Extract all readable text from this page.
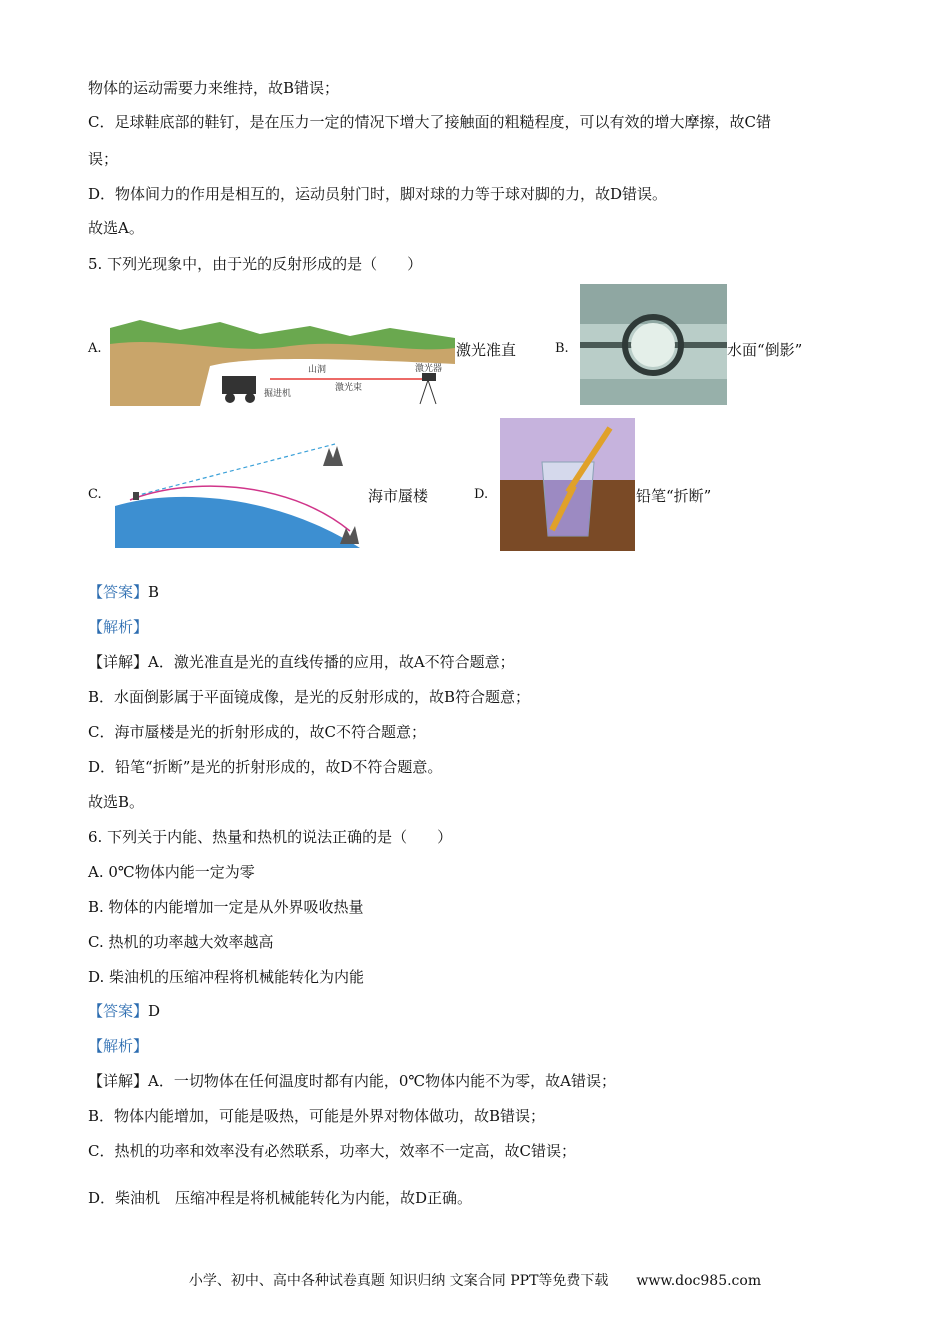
物体的运动需要力来维持，故B错误；
C．足球鞋底部的鞋钉，是在压力一定的情况下增大了接触面的粗糙程度，可以有效的增大摩擦，故C错
误；
D．物体间力的作用是相互的，运动员射门时，脚对球的力等于球对脚的力，故D错误。
故选A。
5. 下列光现象中，由于光的反射形成的是（　　）
A.
山洞
激光束
激光器
掘进机
激光准直	B.	水面“倒影”
C.	海市蜃楼	D.	铅笔“折断”
【答案】B
【解析】
【详解】A．激光准直是光的直线传播的应用，故A不符合题意；
B．水面倒影属于平面镜成像，是光的反射形成的，故B符合题意；
C．海市蜃楼是光的折射形成的，故C不符合题意；
D．铅笔“折断”是光的折射形成的，故D不符合题意。
故选B。
6. 下列关于内能、热量和热机的说法正确的是（　　）
A. 0℃物体内能一定为零
B. 物体的内能增加一定是从外界吸收热量
C. 热机的功率越大效率越高
D. 柴油机的压缩冲程将机械能转化为内能
【答案】D
【解析】
【详解】A．一切物体在任何温度时都有内能，0℃物体内能不为零，故A错误；
B．物体内能增加，可能是吸热，可能是外界对物体做功，故B错误；
C．热机的功率和效率没有必然联系，功率大，效率不一定高，故C错误；
D．柴油机　压缩冲程是将机械能转化为内能，故D正确。
小学、初中、高中各种试卷真题 知识归纳 文案合同 PPT等免费下载　　www.doc985.com
